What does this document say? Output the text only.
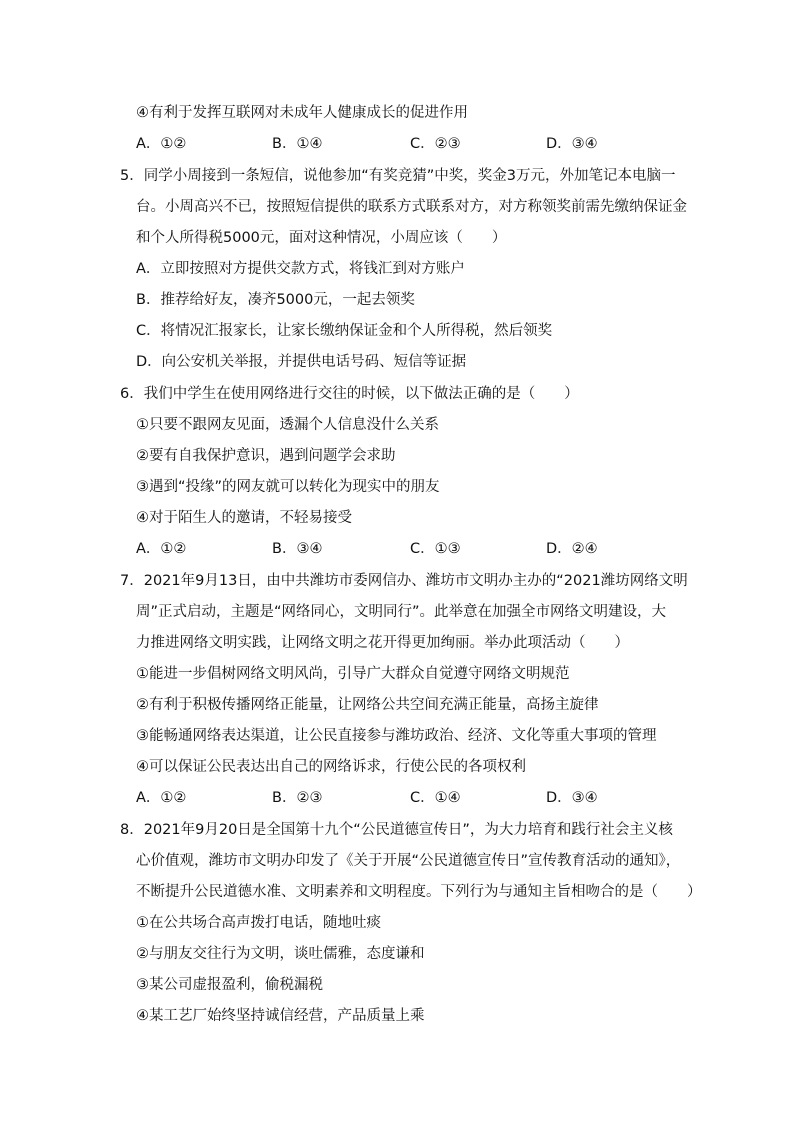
④有利于发挥互联网对未成年人健康成长的促进作用
A．①②	B．①④	C．②③	D．③④
5．同学小周接到一条短信，说他参加“有奖竞猜”中奖，奖金3万元，外加笔记本电脑一
台。小周高兴不已，按照短信提供的联系方式联系对方，对方称领奖前需先缴纳保证金
和个人所得税5000元，面对这种情况，小周应该（　　）
A．立即按照对方提供交款方式，将钱汇到对方账户
B．推荐给好友，凑齐5000元，一起去领奖
C．将情况汇报家长，让家长缴纳保证金和个人所得税，然后领奖
D．向公安机关举报，并提供电话号码、短信等证据
6．我们中学生在使用网络进行交往的时候，以下做法正确的是（　　）
①只要不跟网友见面，透漏个人信息没什么关系
②要有自我保护意识，遇到问题学会求助
③遇到“投缘”的网友就可以转化为现实中的朋友
④对于陌生人的邀请，不轻易接受
A．①②	B．③④	C．①③	D．②④
7．2021年9月13日，由中共潍坊市委网信办、潍坊市文明办主办的“2021潍坊网络文明
周”正式启动，主题是“网络同心，文明同行”。此举意在加强全市网络文明建设，大
力推进网络文明实践，让网络文明之花开得更加绚丽。举办此项活动（　　）
①能进一步倡树网络文明风尚，引导广大群众自觉遵守网络文明规范
②有利于积极传播网络正能量，让网络公共空间充满正能量，高扬主旋律
③能畅通网络表达渠道，让公民直接参与潍坊政治、经济、文化等重大事项的管理
④可以保证公民表达出自己的网络诉求，行使公民的各项权利
A．①②	B．②③	C．①④	D．③④
8．2021年9月20日是全国第十九个“公民道德宣传日”，为大力培育和践行社会主义核
心价值观，潍坊市文明办印发了《关于开展“公民道德宣传日”宣传教育活动的通知》，
不断提升公民道德水准、文明素养和文明程度。下列行为与通知主旨相吻合的是（　　）
①在公共场合高声拨打电话，随地吐痰
②与朋友交往行为文明，谈吐儒雅，态度谦和
③某公司虚报盈利，偷税漏税
④某工艺厂始终坚持诚信经营，产品质量上乘
